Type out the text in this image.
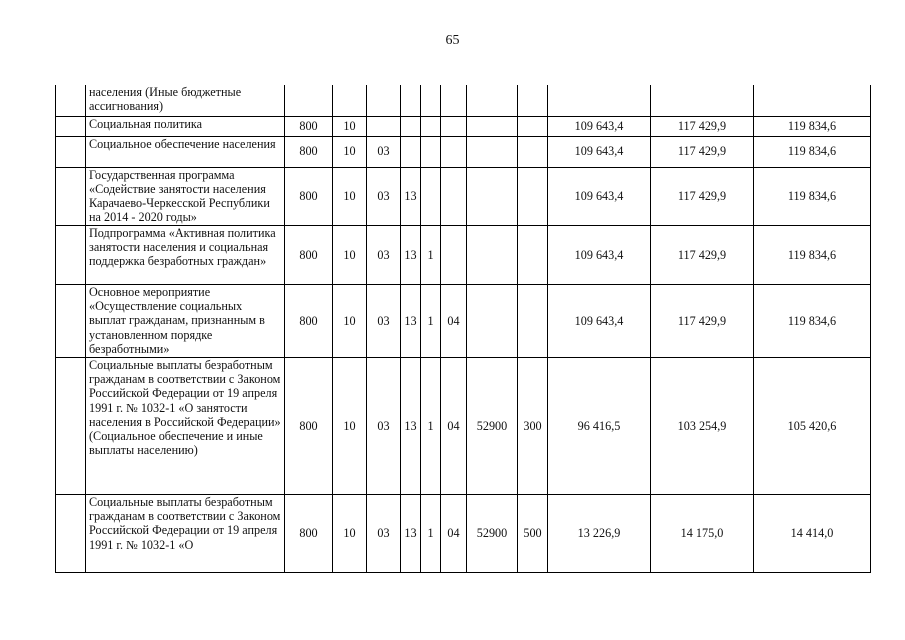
65
	населения (Иные бюджетные ассигнования)											
	Социальная политика	800	10							109 643,4	117 429,9	119 834,6
	Социальное обеспечение населения	800	10	03						109 643,4	117 429,9	119 834,6
	Государственная программа «Содействие занятости населения Карачаево-Черкесской Республики на 2014 - 2020 годы»	800	10	03	13					109 643,4	117 429,9	119 834,6
	Подпрограмма «Активная политика занятости населения и социальная поддержка безработных граждан»	800	10	03	13	1				109 643,4	117 429,9	119 834,6
	Основное мероприятие «Осуществление социальных выплат гражданам, признанным в установленном порядке безработными»	800	10	03	13	1	04			109 643,4	117 429,9	119 834,6
	Социальные выплаты безработным гражданам в соответствии с Законом Российской Федерации от 19 апреля 1991 г. № 1032-1 «О занятости населения в Российской Федерации» (Социальное обеспечение и иные выплаты населению)	800	10	03	13	1	04	52900	300	96 416,5	103 254,9	105 420,6
	Социальные выплаты безработным гражданам в соответствии с Законом Российской Федерации от 19 апреля 1991 г. № 1032-1 «О	800	10	03	13	1	04	52900	500	13 226,9	14 175,0	14 414,0
